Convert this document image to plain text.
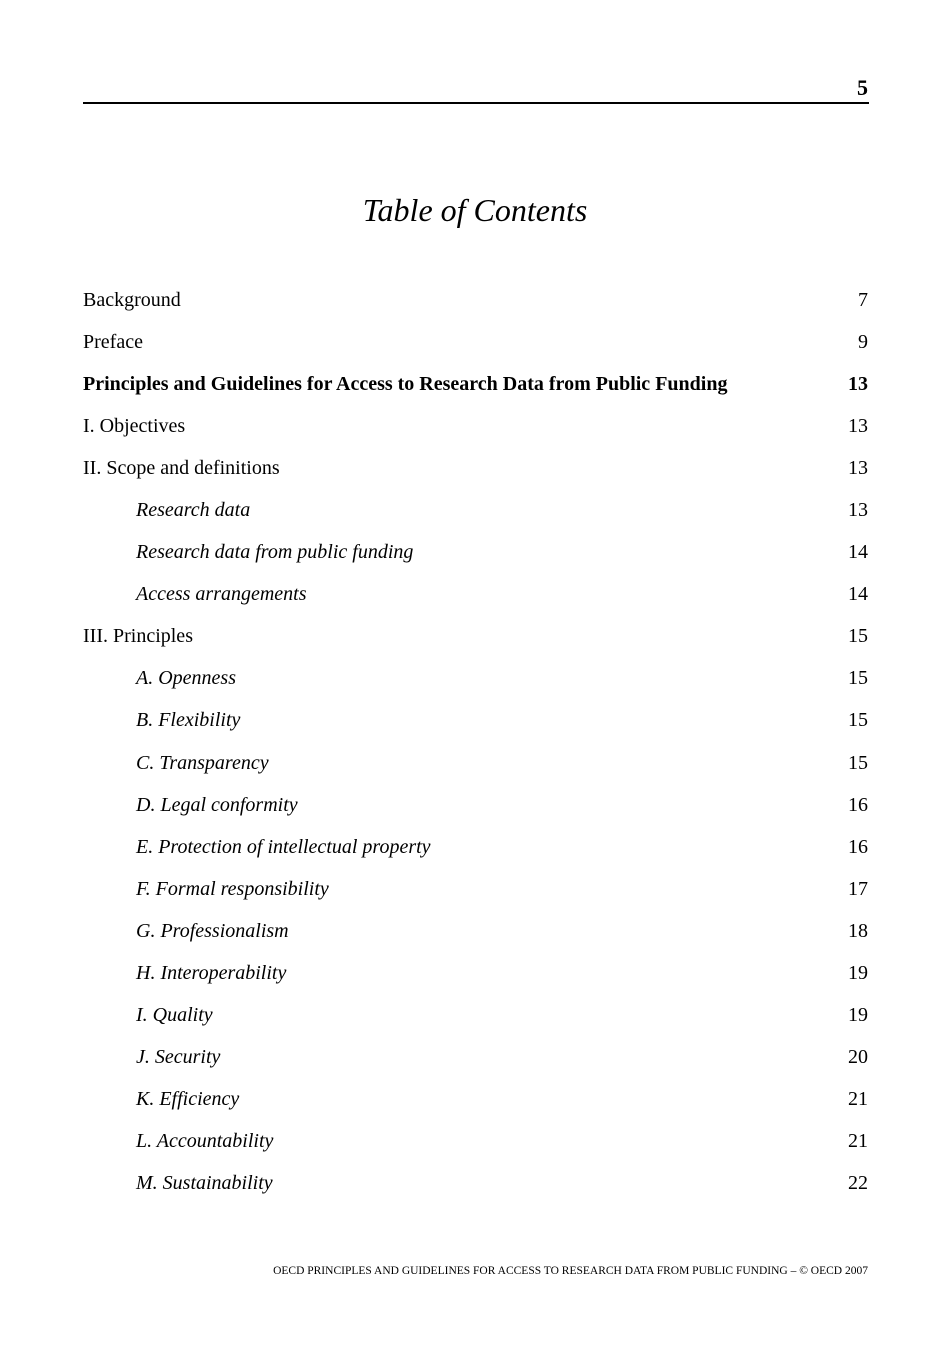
5
Table of Contents
Background	7
Preface	9
Principles and Guidelines for Access to Research Data from Public Funding	13
I. Objectives	13
II. Scope and definitions	13
Research data	13
Research data from public funding	14
Access arrangements	14
III. Principles	15
A. Openness	15
B. Flexibility	15
C. Transparency	15
D. Legal conformity	16
E. Protection of intellectual property	16
F. Formal responsibility	17
G. Professionalism	18
H. Interoperability	19
I. Quality	19
J. Security	20
K. Efficiency	21
L. Accountability	21
M. Sustainability	22
OECD PRINCIPLES AND GUIDELINES FOR ACCESS TO RESEARCH DATA FROM PUBLIC FUNDING – © OECD 2007
